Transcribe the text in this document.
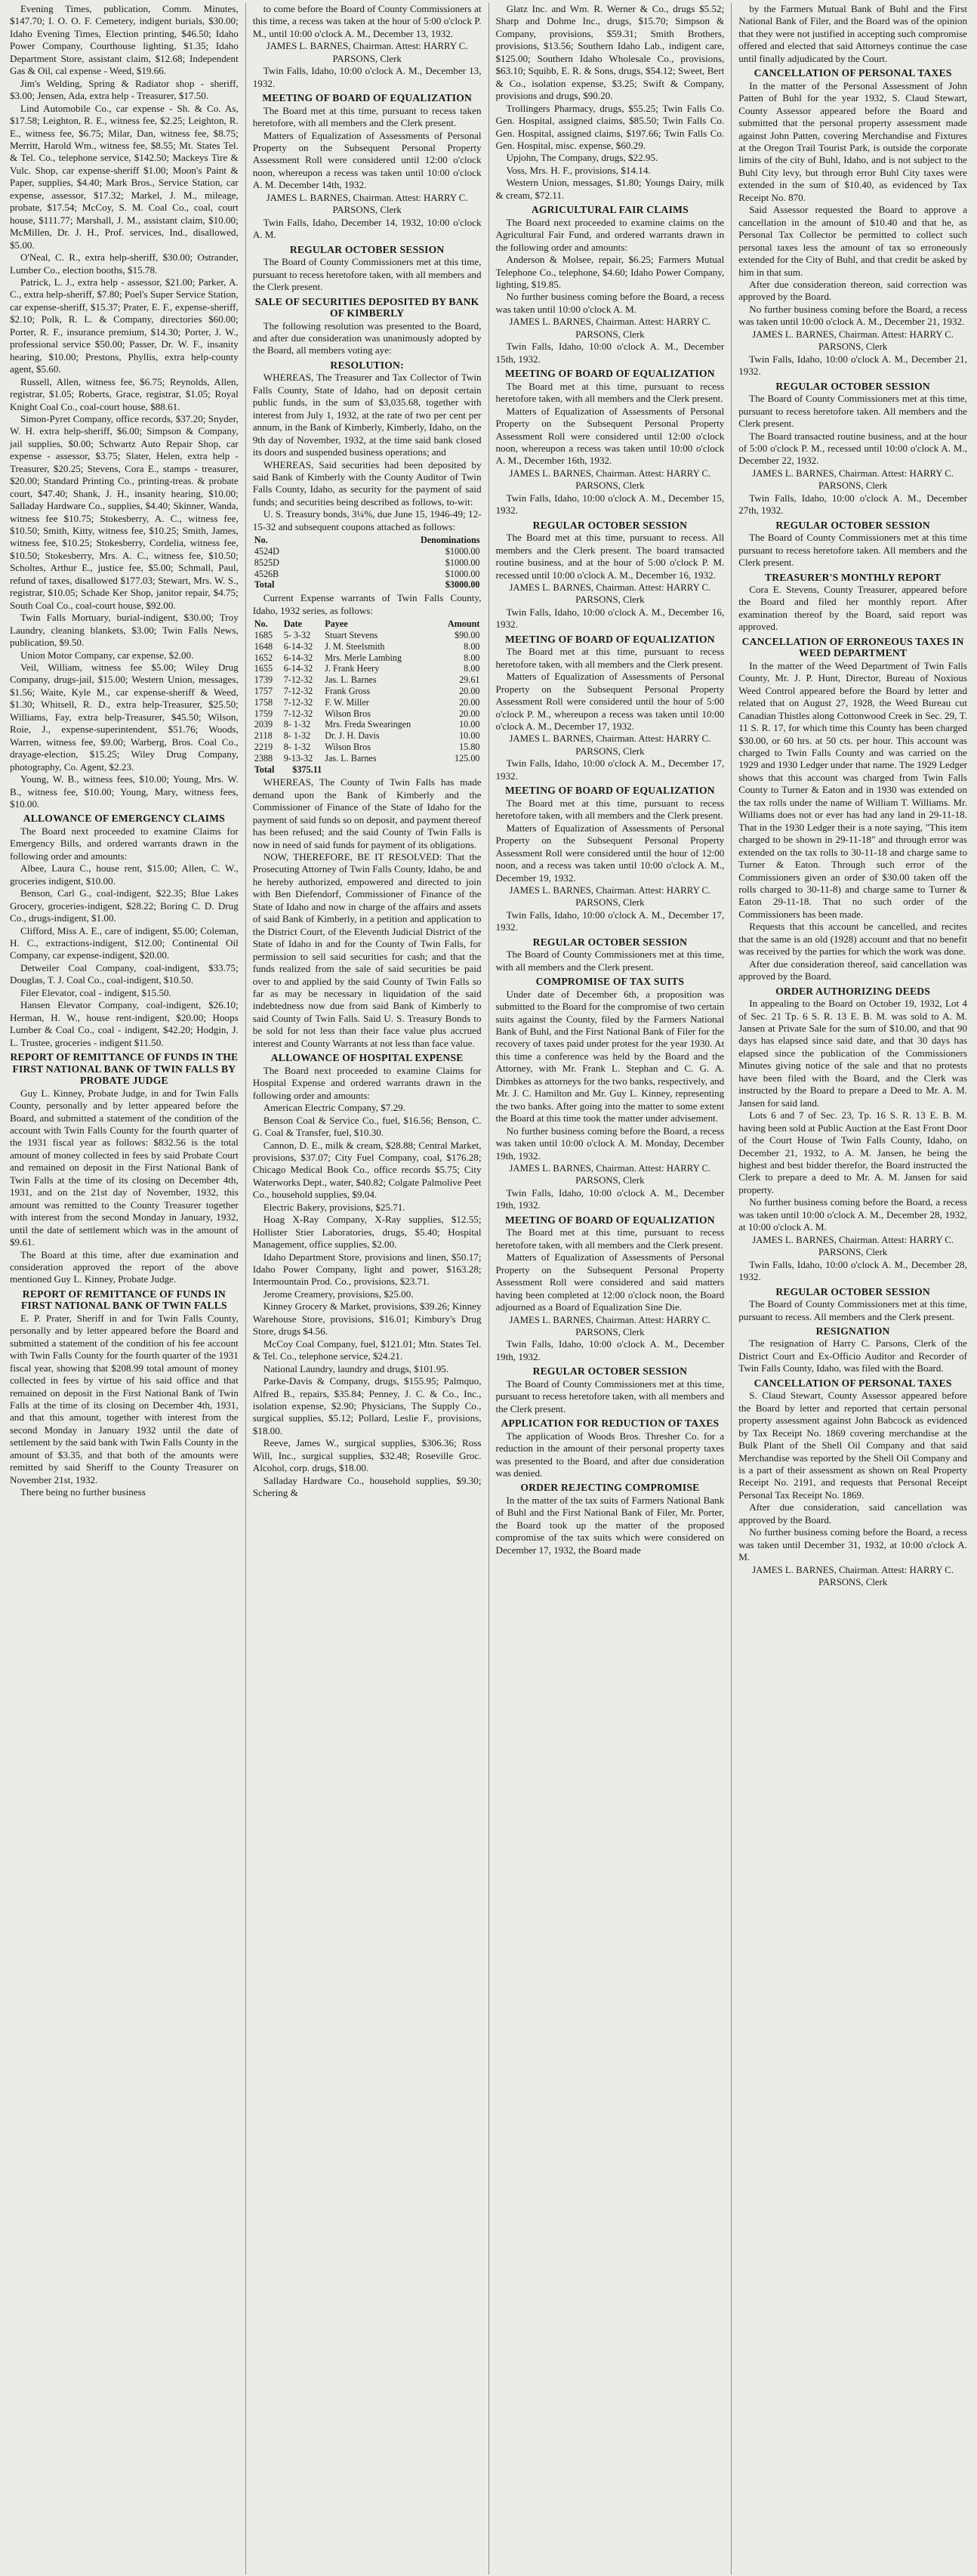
Evening Times, publication, Comm. Minutes, $147.70; I. O. O. F. Cemetery, indigent burials, $30.00; Idaho Evening Times, Election printing, $46.50; Idaho Power Company, Courthouse lighting, $1.35; Idaho Department Store, assistant claim, $12.68; Independent Gas & Oil, cal expense - Weed, $19.66.

Jim's Welding, Spring & Radiator shop - sheriff, $3.00; Jensen, Ada, extra help - Treasurer, $17.50.

Lind Automobile Co., car expense - Sh. & Co. As, $17.58; Leighton, R. E., witness fee, $2.25; Leighton, R. E., witness fee, $6.75; Milar, Dan, witness fee, $8.75; Merritt, Harold Wm., witness fee, $8.55; Mt. States Tel. & Tel. Co., telephone service, $142.50; Mackeys Tire & Vulc. Shop, car expense-sheriff $1.00; Moon's Paint & Paper, supplies, $4.40; Mark Bros., Service Station, car expense, assessor, $17.32; Markel, J. M., mileage, probate, $17.54; McCoy, S. M. Coal Co., coal, court house, $111.77; Marshall, J. M., assistant claim, $10.00; McMillen, Dr. J. H., Prof. services, Ind., disallowed, $5.00.

O'Neal, C. R., extra help-sheriff, $30.00; Ostrander, Lumber Co., election booths, $15.78.

Patrick, L. J., extra help - assessor, $21.00; Parker, A. C., extra help-sheriff, $7.80; Poel's Super Service Station, car expense-sheriff, $15.37; Prater, E. F., expense-sheriff, $2.10; Polk, R. L. & Company, directories $60.00; Porter, R. F., insurance premium, $14.30; Porter, J. W., professional service $50.00; Passer, Dr. W. F., insanity hearing, $10.00; Prestons, Phyllis, extra help-county agent, $5.60.

Russell, Allen, witness fee, $6.75; Reynolds, Allen, registrar, $1.05; Roberts, Grace, registrar, $1.05; Royal Knight Coal Co., coal-court house, $88.61.

Simon-Pyret Company, office records, $37.20; Snyder, W. H. extra help-sheriff, $6.00; Simpson & Company, jail supplies, $0.00; Schwartz Auto Repair Shop, car expense - assessor, $3.75; Slater, Helen, extra help - Treasurer, $20.25; Stevens, Cora E., stamps - treasurer, $20.00; Standard Printing Co., printing-treas. & probate court, $47.40; Shank, J. H., insanity hearing, $10.00; Salladay Hardware Co., supplies, $4.40; Skinner, Wanda, witness fee $10.75; Stokesberry, A. C., witness fee, $10.50; Smith, Kitty, witness fee, $10.25; Smith, James, witness fee, $10.25; Stokesberry, Cordelia, witness fee, $10.50; Stokesberry, Mrs. A. C., witness fee, $10.50; Scholtes, Arthur E., justice fee, $5.00; Schmall, Paul, refund of taxes, disallowed $177.03; Stewart, Mrs. W. S., registrar, $10.05; Schade Ker Shop, janitor repair, $4.75; South Coal Co., coal-court house, $92.00.

Twin Falls Mortuary, burial-indigent, $30.00; Troy Laundry, cleaning blankets, $3.00; Twin Falls News, publication, $9.50.

Union Motor Company, car expense, $2.00.

Veil, William, witness fee $5.00; Wiley Drug Company, drugs-jail, $15.00; Western Union, messages, $1.56; Waite, Kyle M., car expense-sheriff & Weed, $1.30; Whitsell, R. D., extra help-Treasurer, $25.50; Williams, Fay, extra help-Treasurer, $45.50; Wilson, Roie, J., expense-superintendent, $51.76; Woods, Warren, witness fee, $9.00; Warberg, Bros. Coal Co., drayage-election, $15.25; Wiley Drug Company, photography, Co. Agent, $2.23.

Young, W. B., witness fees, $10.00; Young, Mrs. W. B., witness fee, $10.00; Young, Mary, witness fees, $10.00.

ALLOWANCE OF EMERGENCY CLAIMS

The Board next proceeded to examine Claims for Emergency Bills, and ordered warrants drawn in the following order and amounts:

Albee, Laura C., house rent, $15.00; Allen, C. W., groceries indigent, $10.00.

Benson, Carl G., coal-indigent, $22.35; Blue Lakes Grocery, groceries-indigent, $28.22; Boring C. D. Drug Co., drugs-indigent, $1.00.

Clifford, Miss A. E., care of indigent, $5.00; Coleman, H. C., extractions-indigent, $12.00; Continental Oil Company, car expense-indigent, $20.00.

Detweiler Coal Company, coal-indigent, $33.75; Douglas, T. J. Coal Co., coal-indigent, $10.50.

Filer Elevator, coal - indigent, $15.50.

Hansen Elevator Company, coal-indigent, $26.10; Herman, H. W., house rent-indigent, $20.00; Hoops Lumber & Coal Co., coal - indigent, $42.20; Hodgin, J. L. Trustee, groceries - indigent $11.50.

REPORT OF REMITTANCE OF FUNDS IN THE FIRST NATIONAL BANK OF TWIN FALLS BY PROBATE JUDGE

Guy L. Kinney, Probate Judge, in and for Twin Falls County, personally and by letter appeared before the Board, and submitted a statement of the condition of the account with Twin Falls County for the fourth quarter of the 1931 fiscal year as follows: $832.56 is the total amount of money collected in fees by said Probate Court and remained on deposit in the First National Bank of Twin Falls at the time of its closing on December 4th, 1931, and on the 21st day of November, 1932, this amount was remitted to the County Treasurer together with interest from the second Monday in January, 1932, until the date of settlement which was in the amount of $9.61.

The Board at this time, after due examination and consideration approved the report of the above mentioned Guy L. Kinney, Probate Judge.

REPORT OF REMITTANCE OF FUNDS IN FIRST NATIONAL BANK OF TWIN FALLS

E. P. Prater, Sheriff in and for Twin Falls County, personally and by letter appeared before the Board and submitted a statement of the condition of his fee account with Twin Falls County for the fourth quarter of the 1931 fiscal year, showing that $208.99 total amount of money collected in fees by virtue of his said office and that remained on deposit in the First National Bank of Twin Falls at the time of its closing on December 4th, 1931, and that this amount, together with interest from the second Monday in January 1932 until the date of settlement by the said bank with Twin Falls County in the amount of $3.35, and that both of the amounts were remitted by said Sheriff to the County Treasurer on November 21st, 1932.

There being no further business

to come before the Board of County Commissioners at this time, a recess was taken at the hour of 5:00 o'clock P. M., until 10:00 o'clock A. M., December 13, 1932.

JAMES L. BARNES, Chairman. Attest: HARRY C. PARSONS, Clerk

Twin Falls, Idaho, 10:00 o'clock A. M., December 13, 1932.

MEETING OF BOARD OF EQUALIZATION

The Board met at this time, pursuant to recess taken heretofore, with all members and the Clerk present.

Matters of Equalization of Assessments of Personal Property on the Subsequent Personal Property Assessment Roll were considered until 12:00 o'clock noon, whereupon a recess was taken until 10:00 o'clock A. M. December 14th, 1932.

JAMES L. BARNES, Chairman. Attest: HARRY C. PARSONS, Clerk

Twin Falls, Idaho, December 14, 1932, 10:00 o'clock A. M.

REGULAR OCTOBER SESSION

The Board of County Commissioners met at this time, pursuant to recess heretofore taken, with all members and the Clerk present.

SALE OF SECURITIES DEPOSITED BY BANK OF KIMBERLY

The following resolution was presented to the Board, and after due consideration was unanimously adopted by the Board, all members voting aye:

RESOLUTION:

WHEREAS, The Treasurer and Tax Collector of Twin Falls County, State of Idaho, had on deposit certain public funds, in the sum of $3,035.68, together with interest from July 1, 1932, at the rate of two per cent per annum, in the Bank of Kimberly, Kimberly, Idaho, on the 9th day of November, 1932, at the time said bank closed its doors and suspended business operations; and

WHEREAS, Said securities had been deposited by said Bank of Kimberly with the County Auditor of Twin Falls County, Idaho, as security for the payment of said funds; and securities being described as follows, to-wit:

U. S. Treasury bonds, 3¼%, due June 15, 1946-49; 12-15-32 and subsequent coupons attached as follows:

No.	Denominations
4524D	$1000.00
8525D	$1000.00
4526B	$1000.00
Total	$3000.00

Current Expense warrants of Twin Falls County, Idaho, 1932 series, as follows:

No.	Date	Payee	Amount
1685	5- 3-32	Stuart Stevens	$90.00
1648	6-14-32	J. M. Steelsmith	8.00
1652	6-14-32	Mrs. Merle Lambing	8.00
1655	6-14-32	J. Frank Heery	8.00
1739	7-12-32	Jas. L. Barnes	29.61
1757	7-12-32	Frank Gross	20.00
1758	7-12-32	F. W. Miller	20.00
1759	7-12-32	Wilson Bros	20.00
2039	8- 1-32	Mrs. Freda Swearingen	10.00
2118	8- 1-32	Dr. J. H. Davis	10.00
2219	8- 1-32	Wilson Bros	15.80
2388	9-13-32	Jas. L. Barnes	125.00
Total	$375.11		

WHEREAS, The County of Twin Falls has made demand upon the Bank of Kimberly and the Commissioner of Finance of the State of Idaho for the payment of said funds so on deposit, and payment thereof has been refused; and the said County of Twin Falls is now in need of said funds for payment of its obligations.

NOW, THEREFORE, BE IT RESOLVED: That the Prosecuting Attorney of Twin Falls County, Idaho, be and he hereby authorized, empowered and directed to join with Ben Diefendorf, Commissioner of Finance of the State of Idaho and now in charge of the affairs and assets of said Bank of Kimberly, in a petition and application to the District Court, of the Eleventh Judicial District of the State of Idaho in and for the County of Twin Falls, for permission to sell said securities for cash; and that the funds realized from the sale of said securities be paid over to and applied by the said County of Twin Falls so far as may be necessary in liquidation of the said indebtedness now due from said Bank of Kimberly to said County of Twin Falls. Said U. S. Treasury Bonds to be sold for not less than their face value plus accrued interest and County Warrants at not less than face value.

ALLOWANCE OF HOSPITAL EXPENSE

The Board next proceeded to examine Claims for Hospital Expense and ordered warrants drawn in the following order and amounts:

American Electric Company, $7.29.

Benson Coal & Service Co., fuel, $16.56; Benson, C. G. Coal & Transfer, fuel, $10.30.

Cannon, D. E., milk & cream, $28.88; Central Market, provisions, $37.07; City Fuel Company, coal, $176.28; Chicago Medical Book Co., office records $5.75; City Waterworks Dept., water, $40.82; Colgate Palmolive Peet Co., household supplies, $9.04.

Electric Bakery, provisions, $25.71.

Hoag X-Ray Company, X-Ray supplies, $12.55; Hollister Stier Laboratories, drugs, $5.40; Hospital Management, office supplies, $2.00.

Idaho Department Store, provisions and linen, $50.17; Idaho Power Company, light and power, $163.28; Intermountain Prod. Co., provisions, $23.71.

Jerome Creamery, provisions, $25.00.

Kinney Grocery & Market, provisions, $39.26; Kinney Warehouse Store, provisions, $16.01; Kimbury's Drug Store, drugs $4.56.

McCoy Coal Company, fuel, $121.01; Mtn. States Tel. & Tel. Co., telephone service, $24.21.

National Laundry, laundry and drugs, $101.95.

Parke-Davis & Company, drugs, $155.95; Palmquo, Alfred B., repairs, $35.84; Penney, J. C. & Co., Inc., isolation expense, $2.90; Physicians, The Supply Co., surgical supplies, $5.12; Pollard, Leslie F., provisions, $18.00.

Reeve, James W., surgical supplies, $306.36; Ross Will, Inc., surgical supplies, $32.48; Roseville Groc. Alcohol, corp. drugs, $18.00.

Salladay Hardware Co., household supplies, $9.30; Schering &

Glatz Inc. and Wm. R. Werner & Co., drugs $5.52; Sharp and Dohme Inc., drugs, $15.70; Simpson & Company, provisions, $59.31; Smith Brothers, provisions, $13.56; Southern Idaho Lab., indigent care, $125.00; Southern Idaho Wholesale Co., provisions, $63.10; Squibb, E. R. & Sons, drugs, $54.12; Sweet, Bert & Co., isolation expense, $3.25; Swift & Company, provisions and drugs, $90.20.

Trollingers Pharmacy, drugs, $55.25; Twin Falls Co. Gen. Hospital, assigned claims, $85.50; Twin Falls Co. Gen. Hospital, assigned claims, $197.66; Twin Falls Co. Gen. Hospital, misc. expense, $60.29.

Upjohn, The Company, drugs, $22.95.

Voss, Mrs. H. F., provisions, $14.14.

Western Union, messages, $1.80; Youngs Dairy, milk & cream, $72.11.

AGRICULTURAL FAIR CLAIMS

The Board next proceeded to examine claims on the Agricultural Fair Fund, and ordered warrants drawn in the following order and amounts:

Anderson & Molsee, repair, $6.25; Farmers Mutual Telephone Co., telephone, $4.60; Idaho Power Company, lighting, $19.85.

No further business coming before the Board, a recess was taken until 10:00 o'clock A. M.

JAMES L. BARNES, Chairman. Attest: HARRY C. PARSONS, Clerk

Twin Falls, Idaho, 10:00 o'clock A. M., December 15th, 1932.

MEETING OF BOARD OF EQUALIZATION

The Board met at this time, pursuant to recess heretofore taken, with all members and the Clerk present.

Matters of Equalization of Assessments of Personal Property on the Subsequent Personal Property Assessment Roll were considered until 12:00 o'clock noon, whereupon a recess was taken until 10:00 o'clock A. M., December 16th, 1932.

JAMES L. BARNES, Chairman. Attest: HARRY C. PARSONS, Clerk

Twin Falls, Idaho, 10:00 o'clock A. M., December 15, 1932.

REGULAR OCTOBER SESSION

The Board met at this time, pursuant to recess. All members and the Clerk present. The board transacted routine business, and at the hour of 5:00 o'clock P. M. recessed until 10:00 o'clock A. M., December 16, 1932.

JAMES L. BARNES, Chairman. Attest: HARRY C. PARSONS, Clerk

Twin Falls, Idaho, 10:00 o'clock A. M., December 16, 1932.

MEETING OF BOARD OF EQUALIZATION

The Board met at this time, pursuant to recess heretofore taken, with all members and the Clerk present.

Matters of Equalization of Assessments of Personal Property on the Subsequent Personal Property Assessment Roll were considered until the hour of 5:00 o'clock P. M., whereupon a recess was taken until 10:00 o'clock A. M., December 17, 1932.

JAMES L. BARNES, Chairman. Attest: HARRY C. PARSONS, Clerk

Twin Falls, Idaho, 10:00 o'clock A. M., December 17, 1932.

MEETING OF BOARD OF EQUALIZATION

The Board met at this time, pursuant to recess heretofore taken, with all members and the Clerk present.

Matters of Equalization of Assessments of Personal Property on the Subsequent Personal Property Assessment Roll were considered until the hour of 12:00 noon, and a recess was taken until 10:00 o'clock A. M., December 19, 1932.

JAMES L. BARNES, Chairman. Attest: HARRY C. PARSONS, Clerk

Twin Falls, Idaho, 10:00 o'clock A. M., December 17, 1932.

REGULAR OCTOBER SESSION

The Board of County Commissioners met at this time, with all members and the Clerk present.

COMPROMISE OF TAX SUITS

Under date of December 6th, a proposition was submitted to the Board for the compromise of two certain suits against the County, filed by the Farmers National Bank of Buhl, and the First National Bank of Filer for the recovery of taxes paid under protest for the year 1930. At this time a conference was held by the Board and the Attorney, with Mr. Frank L. Stephan and C. G. A. Dimbkes as attorneys for the two banks, respectively, and Mr. J. C. Hamilton and Mr. Guy L. Kinney, representing the two banks. After going into the matter to some extent the Board at this time took the matter under advisement.

No further business coming before the Board, a recess was taken until 10:00 o'clock A. M. Monday, December 19th, 1932.

JAMES L. BARNES, Chairman. Attest: HARRY C. PARSONS, Clerk

Twin Falls, Idaho, 10:00 o'clock A. M., December 19th, 1932.

MEETING OF BOARD OF EQUALIZATION

The Board met at this time, pursuant to recess heretofore taken, with all members and the Clerk present.

Matters of Equalization of Assessments of Personal Property on the Subsequent Personal Property Assessment Roll were considered and said matters having been completed at 12:00 o'clock noon, the Board adjourned as a Board of Equalization Sine Die.

JAMES L. BARNES, Chairman. Attest: HARRY C. PARSONS, Clerk

Twin Falls, Idaho, 10:00 o'clock A. M., December 19th, 1932.

REGULAR OCTOBER SESSION

The Board of County Commissioners met at this time, pursuant to recess heretofore taken, with all members and the Clerk present.

APPLICATION FOR REDUCTION OF TAXES

The application of Woods Bros. Thresher Co. for a reduction in the amount of their personal property taxes was presented to the Board, and after due consideration was denied.

ORDER REJECTING COMPROMISE

In the matter of the tax suits of Farmers National Bank of Buhl and the First National Bank of Filer, Mr. Porter, the Board took up the matter of the proposed compromise of the tax suits which were considered on December 17, 1932, the Board made

by the Farmers Mutual Bank of Buhl and the First National Bank of Filer, and the Board was of the opinion that they were not justified in accepting such compromise offered and elected that said Attorneys continue the case until finally adjudicated by the Court.

CANCELLATION OF PERSONAL TAXES

In the matter of the Personal Assessment of John Patten of Buhl for the year 1932, S. Claud Stewart, County Assessor appeared before the Board and submitted that the personal property assessment made against John Patten, covering Merchandise and Fixtures at the Oregon Trail Tourist Park, is outside the corporate limits of the city of Buhl, Idaho, and is not subject to the Buhl City levy, but through error Buhl City taxes were extended in the sum of $10.40, as evidenced by Tax Receipt No. 870.

Said Assessor requested the Board to approve a cancellation in the amount of $10.40 and that he, as Personal Tax Collector be permitted to collect such personal taxes less the amount of tax so erroneously extended for the City of Buhl, and that credit be asked by him in that sum.

After due consideration thereon, said correction was approved by the Board.

No further business coming before the Board, a recess was taken until 10:00 o'clock A. M., December 21, 1932.

JAMES L. BARNES, Chairman. Attest: HARRY C. PARSONS, Clerk

Twin Falls, Idaho, 10:00 o'clock A. M., December 21, 1932.

REGULAR OCTOBER SESSION

The Board of County Commissioners met at this time, pursuant to recess heretofore taken. All members and the Clerk present.

The Board transacted routine business, and at the hour of 5:00 o'clock P. M., recessed until 10:00 o'clock A. M., December 22, 1932.

JAMES L. BARNES, Chairman. Attest: HARRY C. PARSONS, Clerk

Twin Falls, Idaho, 10:00 o'clock A. M., December 27th, 1932.

REGULAR OCTOBER SESSION

The Board of County Commissioners met at this time pursuant to recess heretofore taken. All members and the Clerk present.

TREASURER'S MONTHLY REPORT

Cora E. Stevens, County Treasurer, appeared before the Board and filed her monthly report. After examination thereof by the Board, said report was approved.

CANCELLATION OF ERRONEOUS TAXES IN WEED DEPARTMENT

In the matter of the Weed Department of Twin Falls County, Mr. J. P. Hunt, Director, Bureau of Noxious Weed Control appeared before the Board by letter and related that on August 27, 1928, the Weed Bureau cut Canadian Thistles along Cottonwood Creek in Sec. 29, T. 11 S. R. 17, for which time this County has been charged $30.00, or 60 hrs. at 50 cts. per hour. This account was charged to Twin Falls County and was carried on the 1929 and 1930 Ledger under that name. The 1929 Ledger shows that this account was charged from Twin Falls County to Turner & Eaton and in 1930 was extended on the tax rolls under the name of William T. Williams. Mr. Williams does not or ever has had any land in 29-11-18. That in the 1930 Ledger their is a note saying, "This item charged to be shown in 29-11-18" and through error was extended on the tax rolls to 30-11-18 and charge same to Turner & Eaton. Through such error of the Commissioners given an order of $30.00 taken off the rolls charged to 30-11-8) and charge same to Turner & Eaton 29-11-18. That no such order of the Commissioners has been made.

Requests that this account be cancelled, and recites that the same is an old (1928) account and that no benefit was received by the parties for which the work was done.

After due consideration thereof, said cancellation was approved by the Board.

ORDER AUTHORIZING DEEDS

In appealing to the Board on October 19, 1932, Lot 4 of Sec. 21 Tp. 6 S. R. 13 E. B. M. was sold to A. M. Jansen at Private Sale for the sum of $10.00, and that 90 days has elapsed since said date, and that 30 days has elapsed since the publication of the Commissioners Minutes giving notice of the sale and that no protests have been filed with the Board, and the Clerk was instructed by the Board to prepare a Deed to Mr. A. M. Jansen for said land.

Lots 6 and 7 of Sec. 23, Tp. 16 S. R. 13 E. B. M. having been sold at Public Auction at the East Front Door of the Court House of Twin Falls County, Idaho, on December 21, 1932, to A. M. Jansen, he being the highest and best bidder therefor, the Board instructed the Clerk to prepare a deed to Mr. A. M. Jansen for said property.

No further business coming before the Board, a recess was taken until 10:00 o'clock A. M., December 28, 1932, at 10:00 o'clock A. M.

JAMES L. BARNES, Chairman. Attest: HARRY C. PARSONS, Clerk

Twin Falls, Idaho, 10:00 o'clock A. M., December 28, 1932.

REGULAR OCTOBER SESSION

The Board of County Commissioners met at this time, pursuant to recess. All members and the Clerk present.

RESIGNATION

The resignation of Harry C. Parsons, Clerk of the District Court and Ex-Officio Auditor and Recorder of Twin Falls County, Idaho, was filed with the Board.

CANCELLATION OF PERSONAL TAXES

S. Claud Stewart, County Assessor appeared before the Board by letter and reported that certain personal property assessment against John Babcock as evidenced by Tax Receipt No. 1869 covering merchandise at the Bulk Plant of the Shell Oil Company and that said Merchandise was reported by the Shell Oil Company and is a part of their assessment as shown on Real Property Receipt No. 2191, and requests that Personal Receipt Personal Tax Receipt No. 1869.

After due consideration, said cancellation was approved by the Board.

No further business coming before the Board, a recess was taken until December 31, 1932, at 10:00 o'clock A. M.

JAMES L. BARNES, Chairman. Attest: HARRY C. PARSONS, Clerk
